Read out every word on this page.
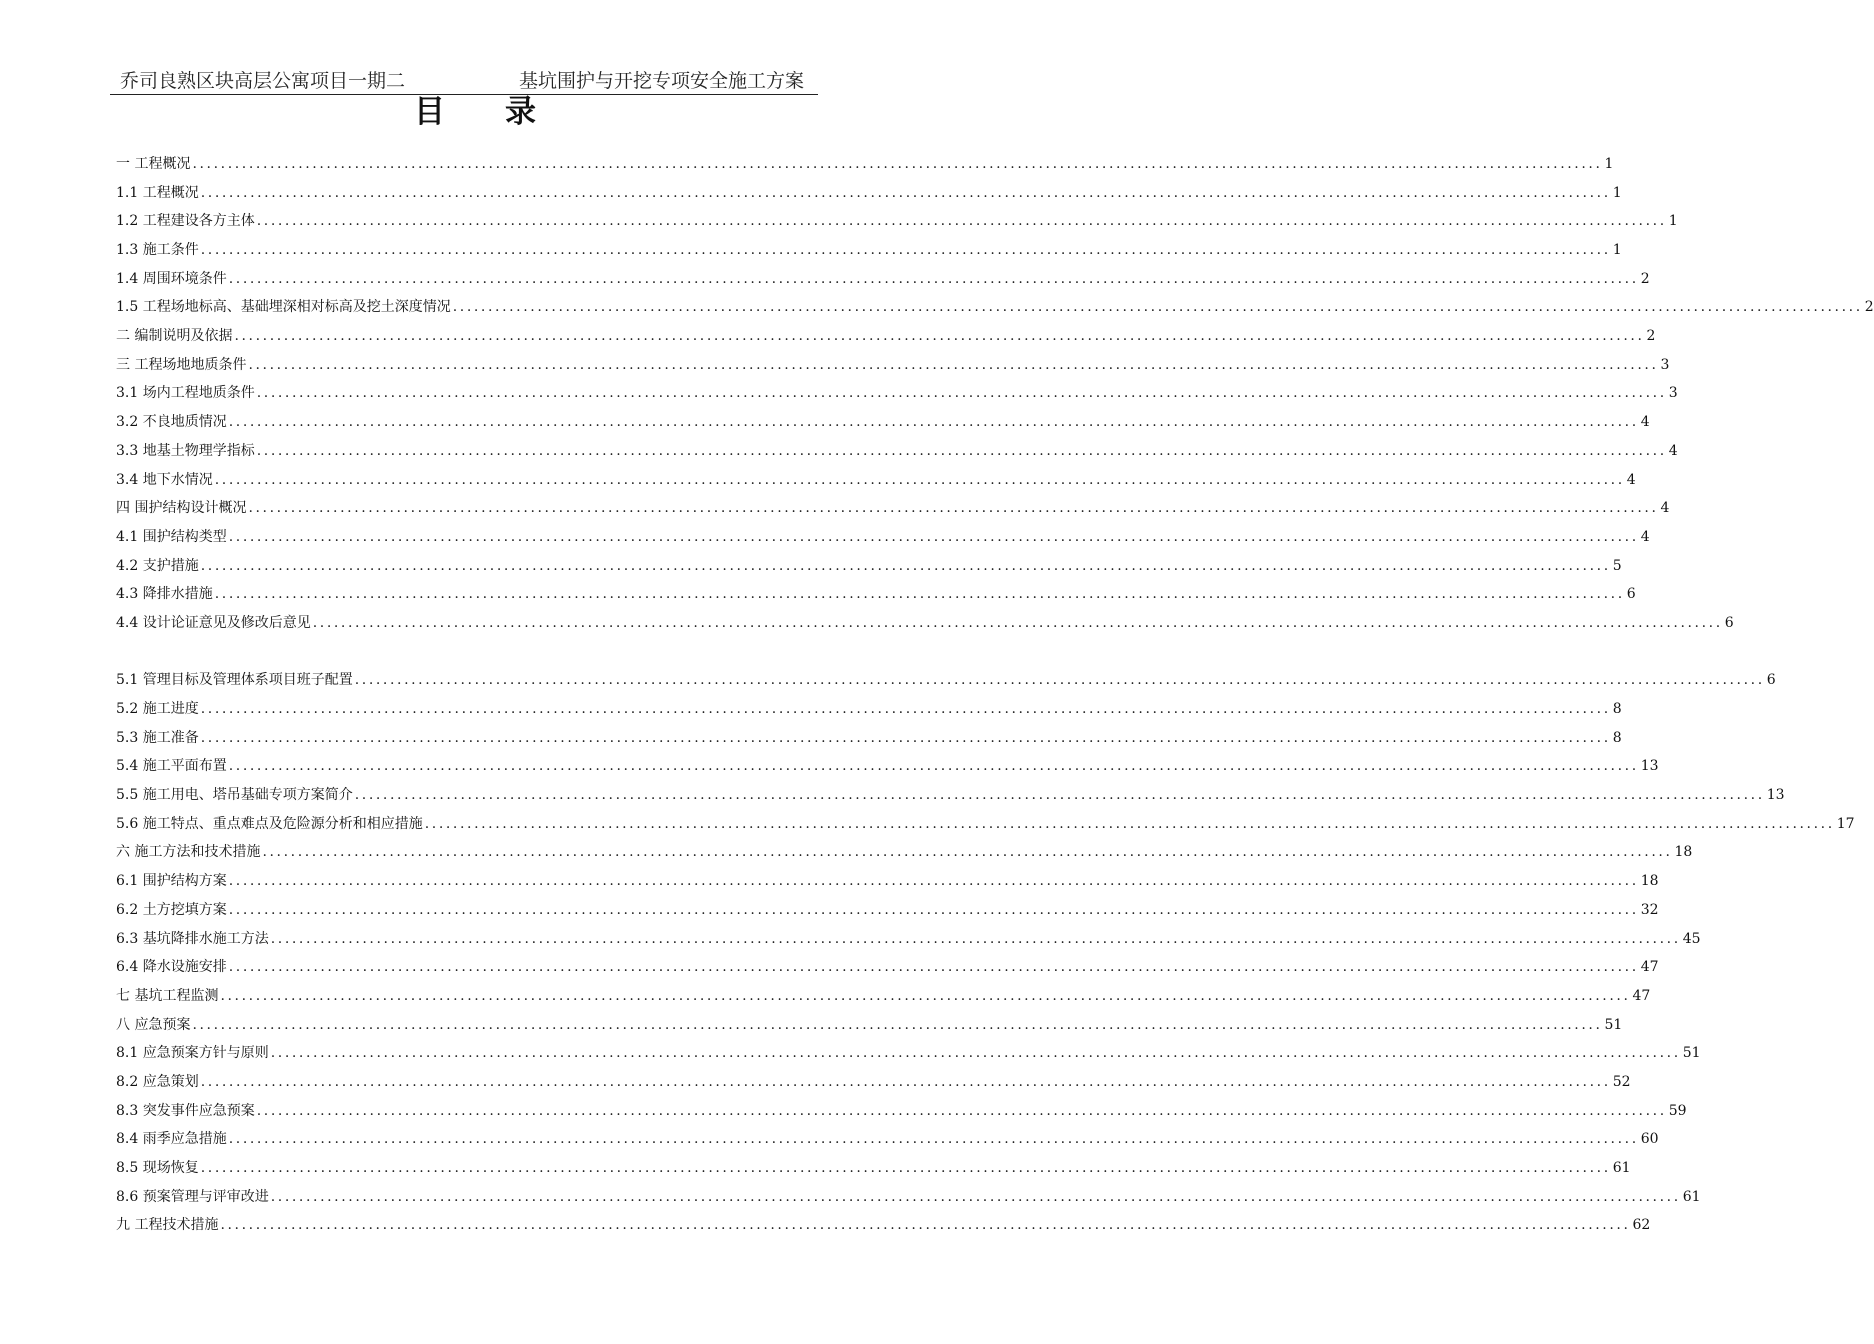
乔司良熟区块高层公寓项目一期二	基坑围护与开挖专项安全施工方案
目录
一 工程概况 ........................................................................................................................................................................................................ 1
1.1 工程概况 ........................................................................................................................................................................................................ 1
1.2 工程建设各方主体 ........................................................................................................................................................................................................ 1
1.3 施工条件 ........................................................................................................................................................................................................ 1
1.4 周围环境条件 ........................................................................................................................................................................................................ 2
1.5 工程场地标高、基础埋深相对标高及挖土深度情况 ........................................................................................................................................................................................................ 2
二 编制说明及依据 ........................................................................................................................................................................................................ 2
三 工程场地地质条件 ........................................................................................................................................................................................................ 3
3.1 场内工程地质条件 ........................................................................................................................................................................................................ 3
3.2 不良地质情况 ........................................................................................................................................................................................................ 4
3.3 地基土物理学指标 ........................................................................................................................................................................................................ 4
3.4 地下水情况 ........................................................................................................................................................................................................ 4
四 围护结构设计概况 ........................................................................................................................................................................................................ 4
4.1 围护结构类型 ........................................................................................................................................................................................................ 4
4.2 支护措施 ........................................................................................................................................................................................................ 5
4.3 降排水措施 ........................................................................................................................................................................................................ 6
4.4 设计论证意见及修改后意见 ........................................................................................................................................................................................................ 6
5.1 管理目标及管理体系项目班子配置 ........................................................................................................................................................................................................ 6
5.2 施工进度 ........................................................................................................................................................................................................ 8
5.3 施工准备 ........................................................................................................................................................................................................ 8
5.4 施工平面布置 ........................................................................................................................................................................................................ 13
5.5 施工用电、塔吊基础专项方案简介 ........................................................................................................................................................................................................ 13
5.6 施工特点、重点难点及危险源分析和相应措施 ........................................................................................................................................................................................................ 17
六 施工方法和技术措施 ........................................................................................................................................................................................................ 18
6.1 围护结构方案 ........................................................................................................................................................................................................ 18
6.2 土方挖填方案 ........................................................................................................................................................................................................ 32
6.3 基坑降排水施工方法 ........................................................................................................................................................................................................ 45
6.4 降水设施安排 ........................................................................................................................................................................................................ 47
七 基坑工程监测 ........................................................................................................................................................................................................ 47
八 应急预案 ........................................................................................................................................................................................................ 51
8.1 应急预案方针与原则 ........................................................................................................................................................................................................ 51
8.2 应急策划 ........................................................................................................................................................................................................ 52
8.3 突发事件应急预案 ........................................................................................................................................................................................................ 59
8.4 雨季应急措施 ........................................................................................................................................................................................................ 60
8.5 现场恢复 ........................................................................................................................................................................................................ 61
8.6 预案管理与评审改进 ........................................................................................................................................................................................................ 61
九 工程技术措施 ........................................................................................................................................................................................................ 62
